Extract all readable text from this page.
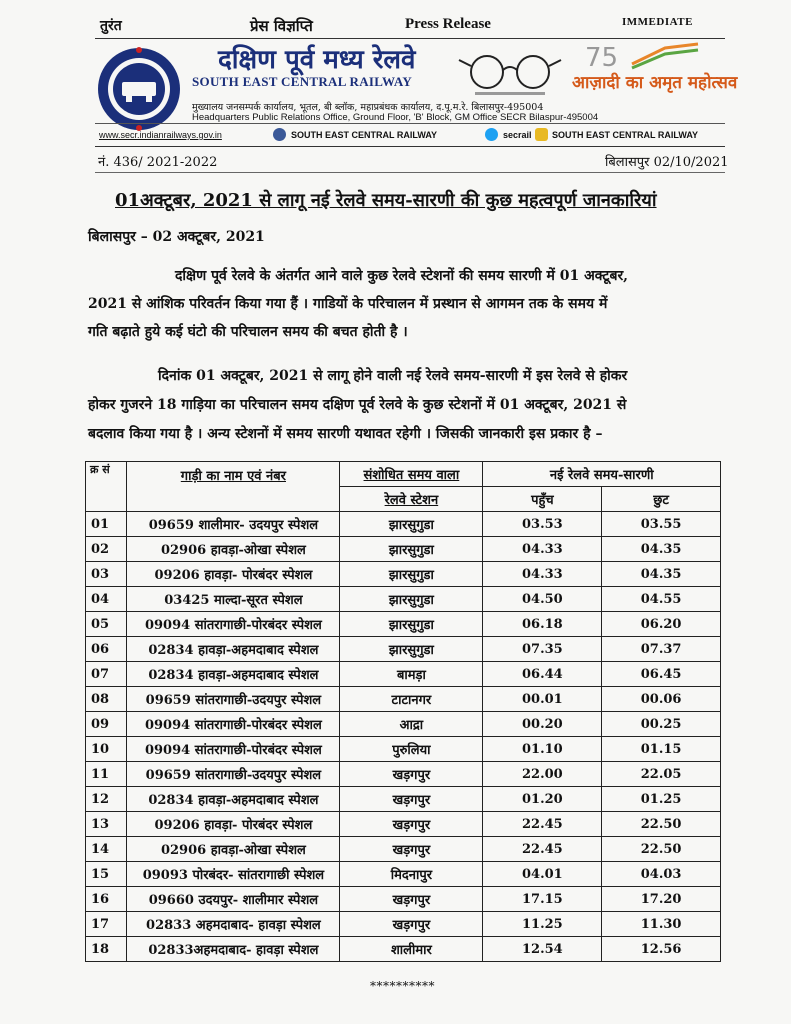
तुरंत	प्रेस विज्ञप्ति	Press Release	IMMEDIATE
दक्षिण पूर्व मध्य रेलवे
SOUTH EAST CENTRAL RAILWAY
75
आज़ादी का अमृत महोत्सव
मुख्यालय जनसम्पर्क कार्यालय, भूतल, बी ब्लॉक, महाप्रबंधक कार्यालय, द.पू.म.रे. बिलासपुर-495004
Headquarters Public Relations Office, Ground Floor, 'B' Block, GM Office SECR Bilaspur-495004
www.secr.indianrailways.gov.in	SOUTH EAST CENTRAL RAILWAY	secrail SOUTH EAST CENTRAL RAILWAY
नं. 436/ 2021-2022	बिलासपुर 02/10/2021
01अक्टूबर, 2021 से लागू नई रेलवे समय-सारणी की कुछ महत्वपूर्ण जानकारियां
बिलासपुर – 02 अक्टूबर, 2021
दक्षिण पूर्व रेलवे के अंतर्गत आने वाले कुछ रेलवे स्टेशनों की समय सारणी में 01 अक्टूबर,
2021 से आंशिक परिवर्तन किया गया हैं । गाडियों के परिचालन में प्रस्थान से आगमन तक के समय में
गति बढ़ाते हुये कई घंटो की परिचालन समय की बचत होती है ।
दिनांक 01 अक्टूबर, 2021 से लागू होने वाली नई रेलवे समय-सारणी में इस रेलवे से होकर
होकर गुजरने 18 गाड़िया का परिचालन समय दक्षिण पूर्व रेलवे के कुछ स्टेशनों में 01 अक्टूबर, 2021 से
बदलाव किया गया है । अन्य स्टेशनों में समय सारणी यथावत रहेगी । जिसकी जानकारी इस प्रकार है –
क्र सं	गाड़ी का नाम एवं नंबर	संशोधित समय वाला	नई रेलवे समय-सारणी	
		रेलवे स्टेशन	पहुँच	छुट
01	09659 शालीमार- उदयपुर स्पेशल	झारसुगुडा	03.53	03.55
02	02906 हावड़ा-ओखा स्पेशल	झारसुगुडा	04.33	04.35
03	09206 हावड़ा- पोरबंदर स्पेशल	झारसुगुडा	04.33	04.35
04	03425 माल्दा-सूरत स्पेशल	झारसुगुडा	04.50	04.55
05	09094 सांतरागाछी-पोरबंदर स्पेशल	झारसुगुडा	06.18	06.20
06	02834 हावड़ा-अहमदाबाद स्पेशल	झारसुगुडा	07.35	07.37
07	02834 हावड़ा-अहमदाबाद स्पेशल	बामड़ा	06.44	06.45
08	09659 सांतरागाछी-उदयपुर स्पेशल	टाटानगर	00.01	00.06
09	09094 सांतरागाछी-पोरबंदर स्पेशल	आद्रा	00.20	00.25
10	09094 सांतरागाछी-पोरबंदर स्पेशल	पुरुलिया	01.10	01.15
11	09659 सांतरागाछी-उदयपुर स्पेशल	खड़गपुर	22.00	22.05
12	02834 हावड़ा-अहमदाबाद स्पेशल	खड़गपुर	01.20	01.25
13	09206 हावड़ा- पोरबंदर स्पेशल	खड़गपुर	22.45	22.50
14	02906 हावड़ा-ओखा स्पेशल	खड़गपुर	22.45	22.50
15	09093 पोरबंदर- सांतरागाछी स्पेशल	मिदनापुर	04.01	04.03
16	09660 उदयपुर- शालीमार स्पेशल	खड़गपुर	17.15	17.20
17	02833 अहमदाबाद- हावड़ा स्पेशल	खड़गपुर	11.25	11.30
18	02833अहमदाबाद- हावड़ा स्पेशल	शालीमार	12.54	12.56
**********
